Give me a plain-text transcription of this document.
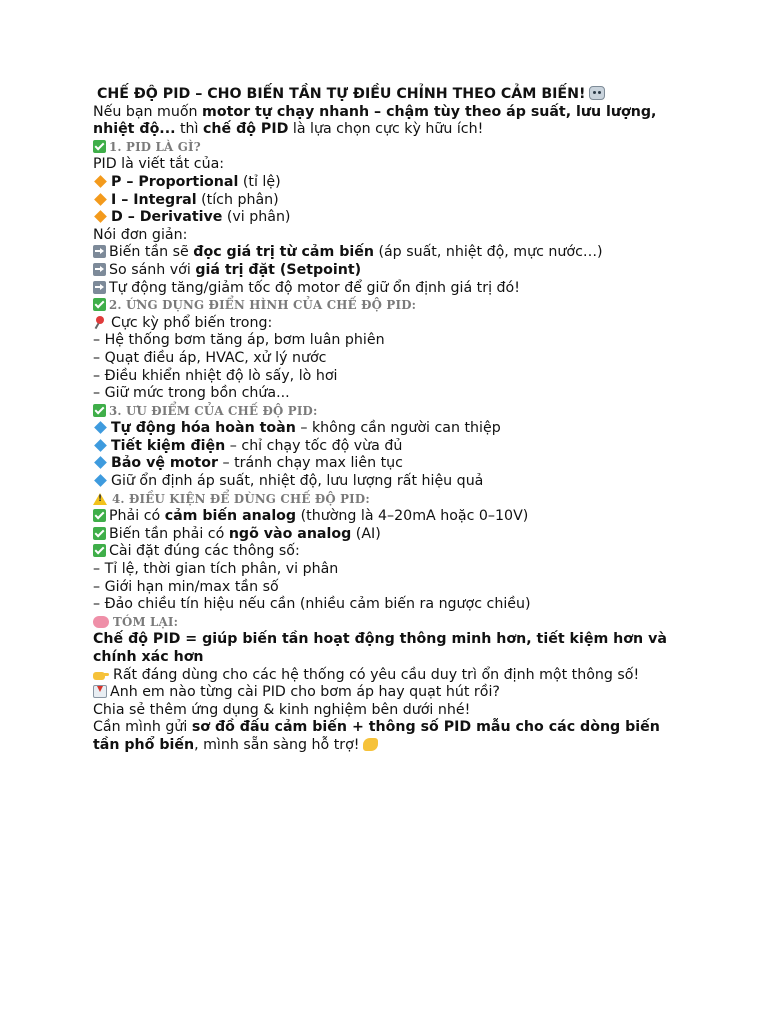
CHẾ ĐỘ PID – CHO BIẾN TẦN TỰ ĐIỀU CHỈNH THEO CẢM BIẾN!
Nếu bạn muốn motor tự chạy nhanh – chậm tùy theo áp suất, lưu lượng, nhiệt độ... thì chế độ PID là lựa chọn cực kỳ hữu ích!
1. PID LÀ GÌ?
PID là viết tắt của:
P – Proportional (tỉ lệ)
I – Integral (tích phân)
D – Derivative (vi phân)
Nói đơn giản:
Biến tần sẽ đọc giá trị từ cảm biến (áp suất, nhiệt độ, mực nước…)
So sánh với giá trị đặt (Setpoint)
Tự động tăng/giảm tốc độ motor để giữ ổn định giá trị đó!
2. ỨNG DỤNG ĐIỂN HÌNH CỦA CHẾ ĐỘ PID:
Cực kỳ phổ biến trong:
– Hệ thống bơm tăng áp, bơm luân phiên
– Quạt điều áp, HVAC, xử lý nước
– Điều khiển nhiệt độ lò sấy, lò hơi
– Giữ mức trong bồn chứa...
3. ƯU ĐIỂM CỦA CHẾ ĐỘ PID:
Tự động hóa hoàn toàn – không cần người can thiệp
Tiết kiệm điện – chỉ chạy tốc độ vừa đủ
Bảo vệ motor – tránh chạy max liên tục
Giữ ổn định áp suất, nhiệt độ, lưu lượng rất hiệu quả
!4. ĐIỀU KIỆN ĐỂ DÙNG CHẾ ĐỘ PID:
Phải có cảm biến analog (thường là 4–20mA hoặc 0–10V)
Biến tần phải có ngõ vào analog (AI)
Cài đặt đúng các thông số:
– Tỉ lệ, thời gian tích phân, vi phân
– Giới hạn min/max tần số
– Đảo chiều tín hiệu nếu cần (nhiều cảm biến ra ngược chiều)
TÓM LẠI:
Chế độ PID = giúp biến tần hoạt động thông minh hơn, tiết kiệm hơn và chính xác hơn
Rất đáng dùng cho các hệ thống có yêu cầu duy trì ổn định một thông số!
Anh em nào từng cài PID cho bơm áp hay quạt hút rồi?
Chia sẻ thêm ứng dụng & kinh nghiệm bên dưới nhé!
Cần mình gửi sơ đồ đấu cảm biến + thông số PID mẫu cho các dòng biến tần phổ biến, mình sẵn sàng hỗ trợ!
